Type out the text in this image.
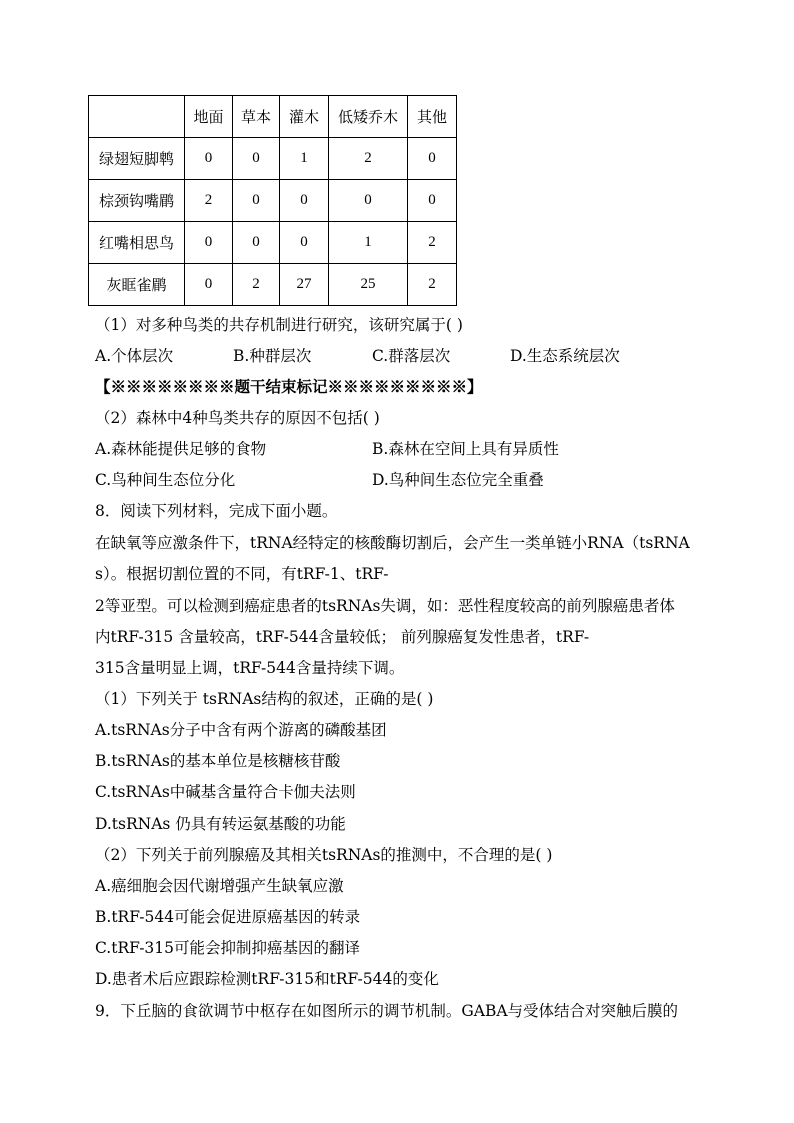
	地面	草本	灌木	低矮乔木	其他
绿翅短脚鹎	0	0	1	2	0
棕颈钩嘴鹛	2	0	0	0	0
红嘴相思鸟	0	0	0	1	2
灰眶雀鹛	0	2	27	25	2
（1）对多种鸟类的共存机制进行研究，该研究属于( )
A.个体层次	B.种群层次	C.群落层次	D.生态系统层次
【※※※※※※※※题干结束标记※※※※※※※※※】
（2）森林中4种鸟类共存的原因不包括( )
A.森林能提供足够的食物	B.森林在空间上具有异质性
C.鸟种间生态位分化	D.鸟种间生态位完全重叠
8．阅读下列材料，完成下面小题。
在缺氧等应激条件下，tRNA经特定的核酸酶切割后，会产生一类单链小RNA（tsRNA
s）。根据切割位置的不同，有tRF-1、tRF-
2等亚型。可以检测到癌症患者的tsRNAs失调，如：恶性程度较高的前列腺癌患者体
内tRF-315 含量较高，tRF-544含量较低； 前列腺癌复发性患者，tRF-
315含量明显上调，tRF-544含量持续下调。
（1）下列关于 tsRNAs结构的叙述，正确的是( )
A.tsRNAs分子中含有两个游离的磷酸基团
B.tsRNAs的基本单位是核糖核苷酸
C.tsRNAs中碱基含量符合卡伽夫法则
D.tsRNAs 仍具有转运氨基酸的功能
（2）下列关于前列腺癌及其相关tsRNAs的推测中，不合理的是( )
A.癌细胞会因代谢增强产生缺氧应激
B.tRF-544可能会促进原癌基因的转录
C.tRF-315可能会抑制抑癌基因的翻译
D.患者术后应跟踪检测tRF-315和tRF-544的变化
9．下丘脑的食欲调节中枢存在如图所示的调节机制。GABA与受体结合对突触后膜的
